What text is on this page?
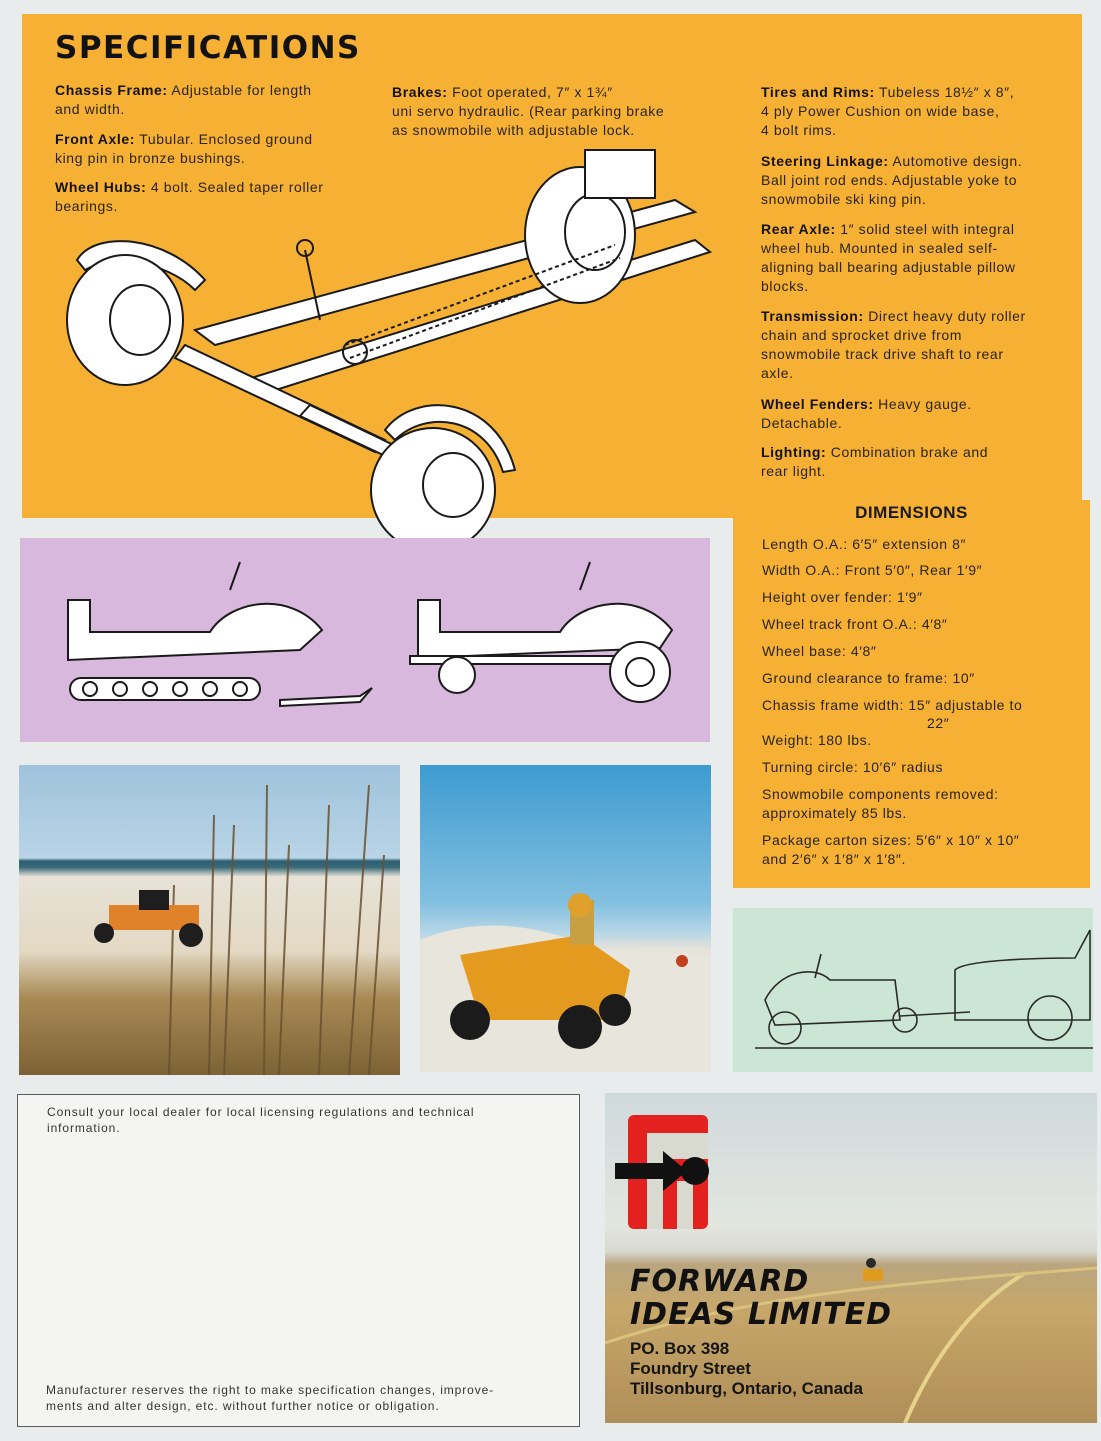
SPECIFICATIONS
Chassis Frame: Adjustable for length
and width.
Front Axle: Tubular. Enclosed ground
king pin in bronze bushings.
Wheel Hubs: 4 bolt. Sealed taper roller
bearings.
Brakes: Foot operated, 7″ x 1¾″
uni servo hydraulic. (Rear parking brake
as snowmobile with adjustable lock.
Tires and Rims: Tubeless 18½″ x 8″,
4 ply Power Cushion on wide base,
4 bolt rims.
Steering Linkage: Automotive design.
Ball joint rod ends. Adjustable yoke to
snowmobile ski king pin.
Rear Axle: 1″ solid steel with integral
wheel hub. Mounted in sealed self-
aligning ball bearing adjustable pillow
blocks.
Transmission: Direct heavy duty roller
chain and sprocket drive from
snowmobile track drive shaft to rear
axle.
Wheel Fenders: Heavy gauge.
Detachable.
Lighting: Combination brake and
rear light.
DIMENSIONS
Length O.A.: 6′5″ extension 8″
Width O.A.: Front 5′0″, Rear 1′9″
Height over fender: 1′9″
Wheel track front O.A.: 4′8″
Wheel base: 4′8″
Ground clearance to frame: 10″
Chassis frame width: 15″ adjustable to
22″
Weight: 180 lbs.
Turning circle: 10′6″ radius
Snowmobile components removed:
approximately 85 lbs.
Package carton sizes: 5′6″ x 10″ x 10″
and 2′6″ x 1′8″ x 1′8″.
Consult your local dealer for local licensing regulations and technical
information.
Manufacturer reserves the right to make specification changes, improve-
ments and alter design, etc. without further notice or obligation.
FORWARD
IDEAS LIMITED
PO. Box 398
Foundry Street
Tillsonburg, Ontario, Canada
